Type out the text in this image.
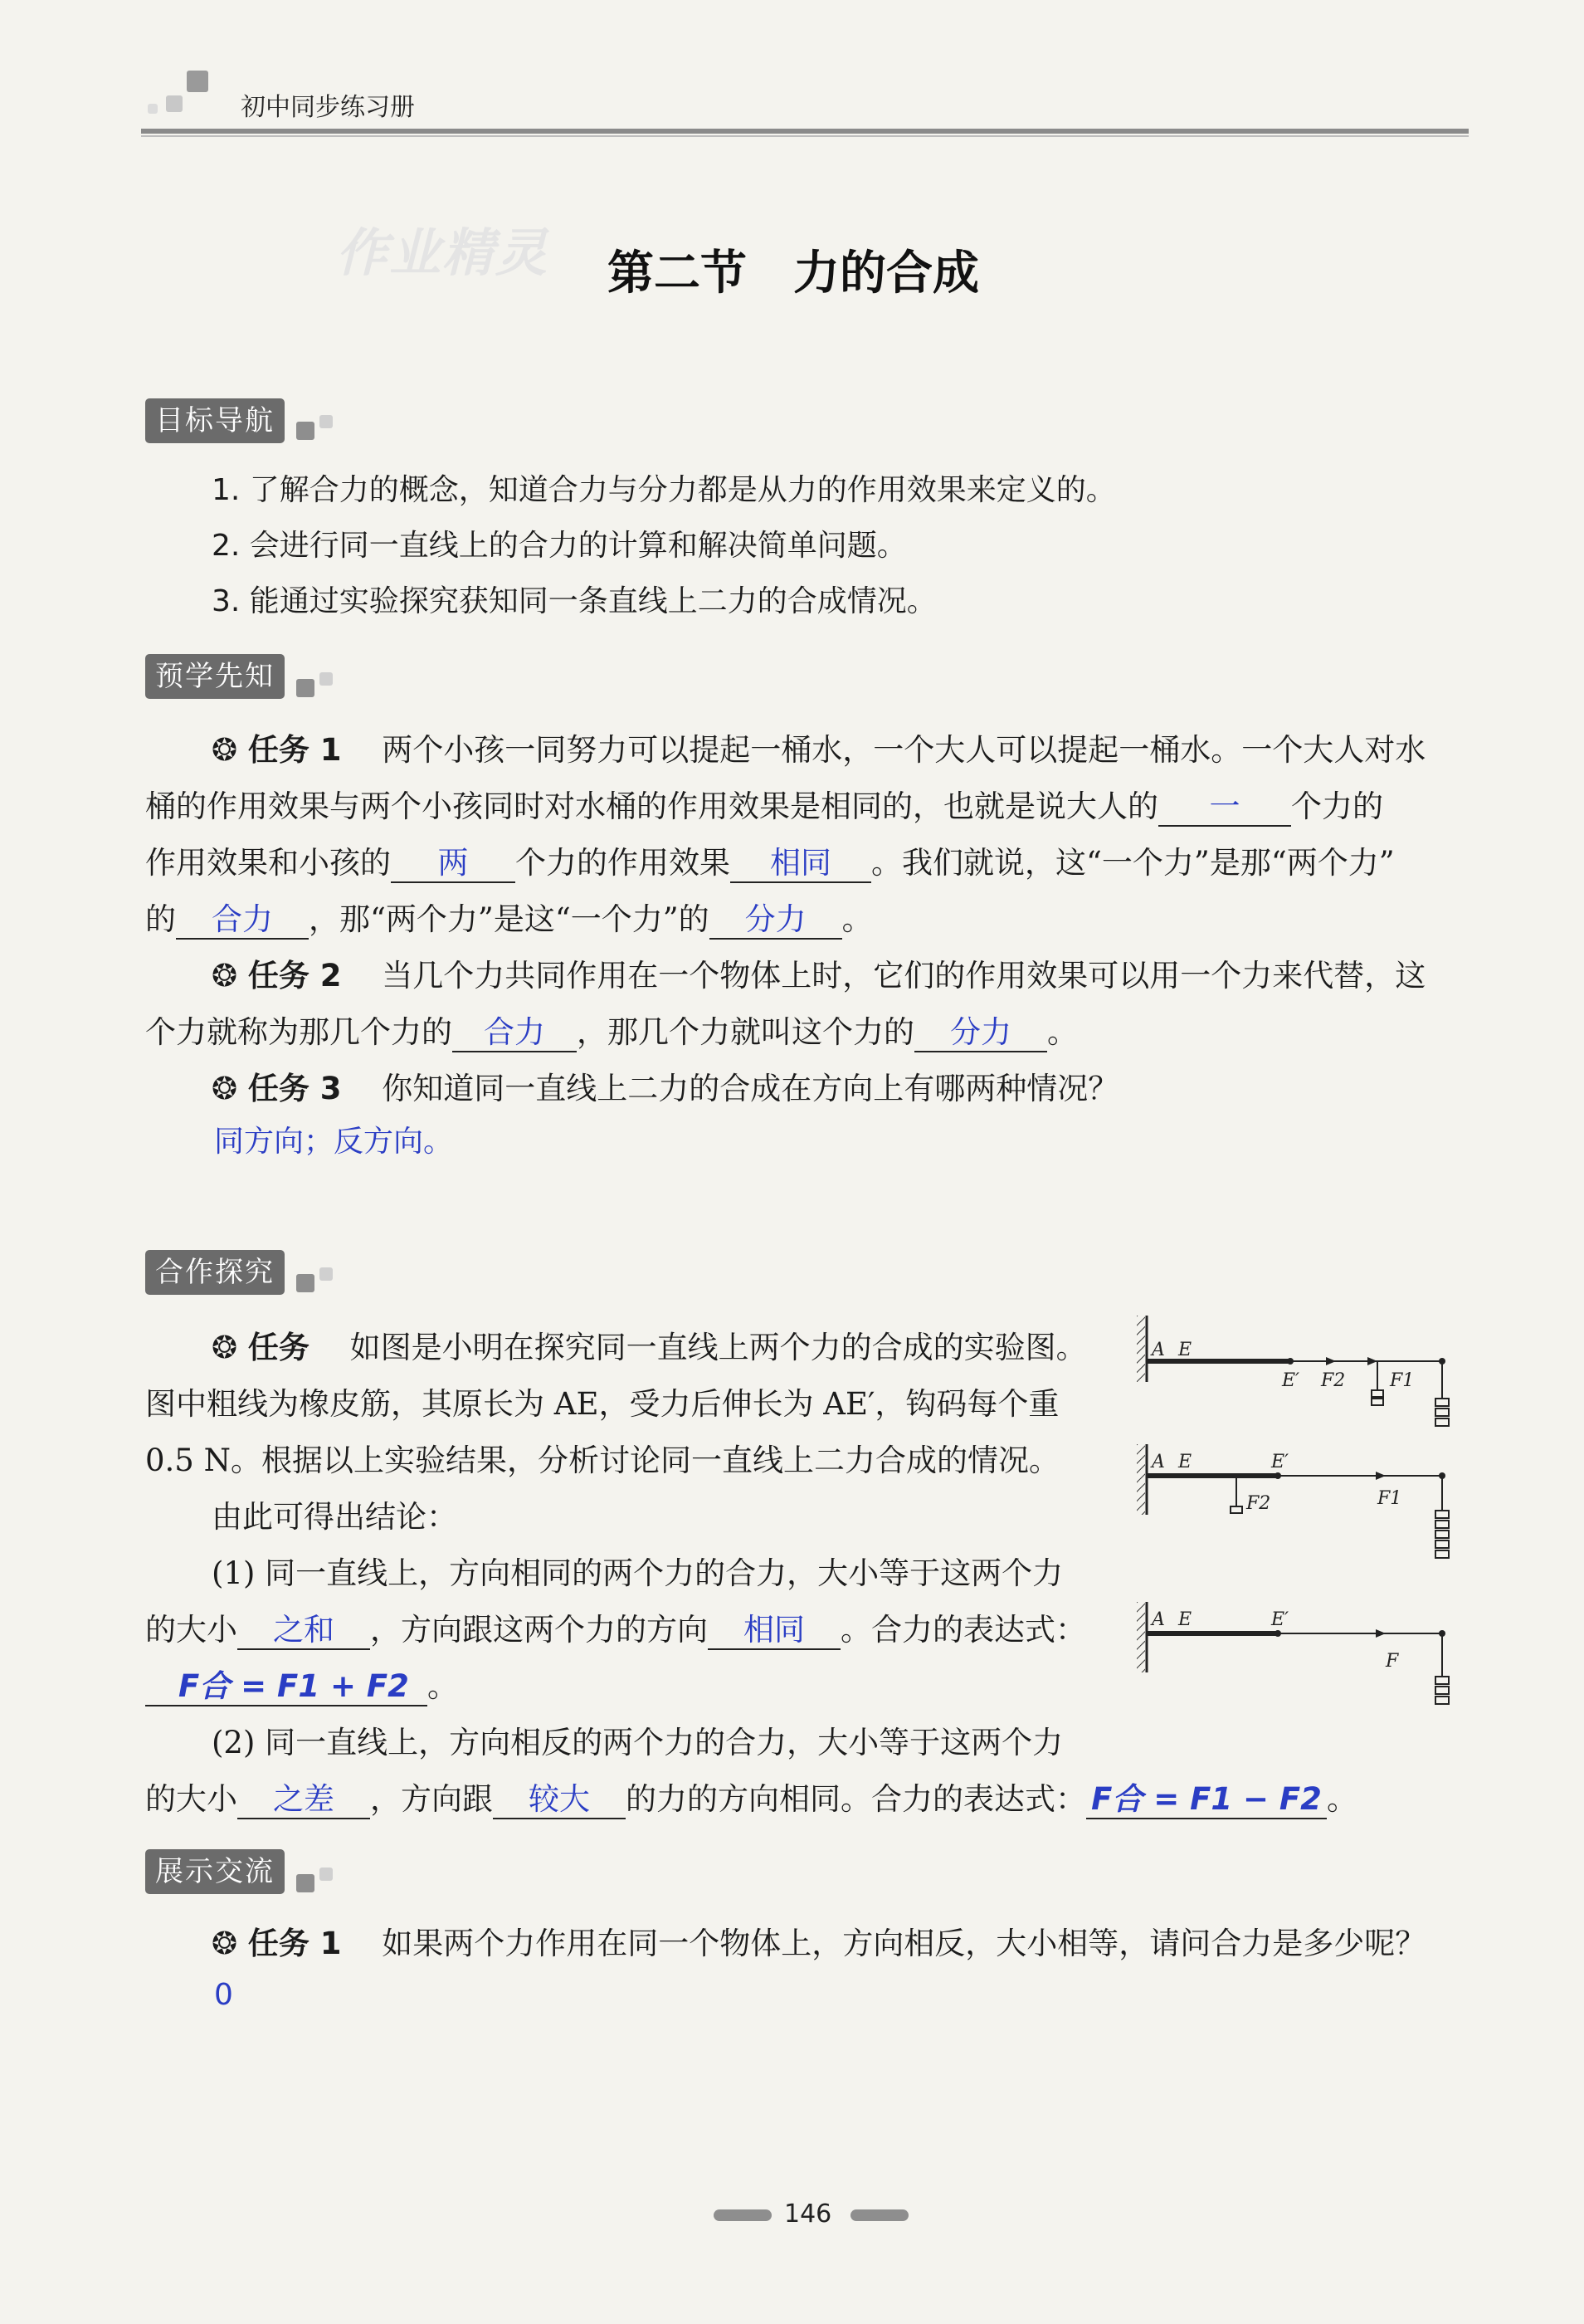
初中同步练习册
作业精灵 第二节　力的合成
目标导航
1. 了解合力的概念，知道合力与分力都是从力的作用效果来定义的。
2. 会进行同一直线上的合力的计算和解决简单问题。
3. 能通过实验探究获知同一条直线上二力的合成情况。
预学先知
❂ 任务 1　 两个小孩一同努力可以提起一桶水，一个大人可以提起一桶水。一个大人对水
桶的作用效果与两个小孩同时对水桶的作用效果是相同的，也就是说大人的 一 个力的
作用效果和小孩的 两 个力的作用效果 相同 。我们就说，这“一个力”是那“两个力”
的 合力 ，那“两个力”是这“一个力”的 分力 。
❂ 任务 2　 当几个力共同作用在一个物体上时，它们的作用效果可以用一个力来代替，这
个力就称为那几个力的 合力 ，那几个力就叫这个力的 分力 。
❂ 任务 3　 你知道同一直线上二力的合成在方向上有哪两种情况？
同方向；反方向。
合作探究
❂ 任务　 如图是小明在探究同一直线上两个力的合成的实验图。
图中粗线为橡皮筋，其原长为 AE，受力后伸长为 AE′，钩码每个重
0.5 N。根据以上实验结果，分析讨论同一直线上二力合成的情况。
由此可得出结论：
(1) 同一直线上，方向相同的两个力的合力，大小等于这两个力
的大小 之和 ，方向跟这两个力的方向 相同 。合力的表达式：
F合 = F1 + F2 。
(2) 同一直线上，方向相反的两个力的合力，大小等于这两个力
的大小 之差 ，方向跟 较大 的力的方向相同。合力的表达式： F合 = F1 − F2 。
A E
E′ F2 F1
A E	E′
F2	F1
A E	E′
F
展示交流
❂ 任务 1　 如果两个力作用在同一个物体上，方向相反，大小相等，请问合力是多少呢？
0
146
